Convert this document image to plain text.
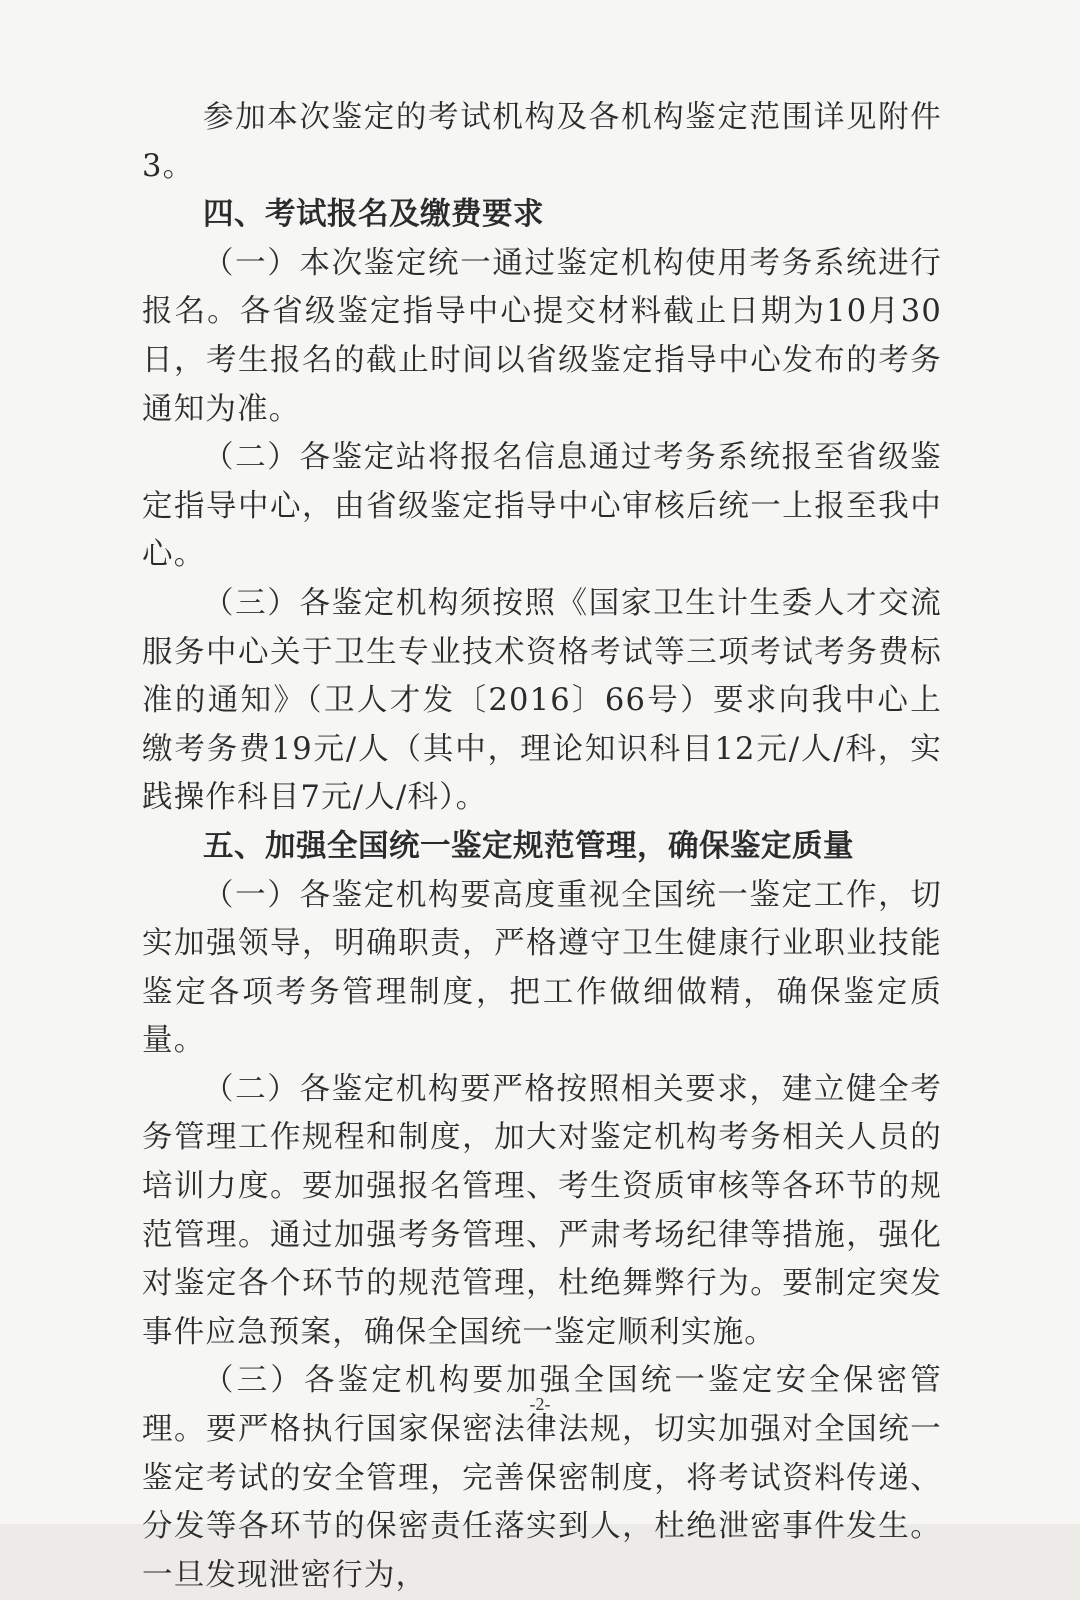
参加本次鉴定的考试机构及各机构鉴定范围详见附件3。

四、考试报名及缴费要求

（一）本次鉴定统一通过鉴定机构使用考务系统进行报名。各省级鉴定指导中心提交材料截止日期为10月30日，考生报名的截止时间以省级鉴定指导中心发布的考务通知为准。

（二）各鉴定站将报名信息通过考务系统报至省级鉴定指导中心，由省级鉴定指导中心审核后统一上报至我中心。

（三）各鉴定机构须按照《国家卫生计生委人才交流服务中心关于卫生专业技术资格考试等三项考试考务费标准的通知》（卫人才发〔2016〕66号）要求向我中心上缴考务费19元/人（其中，理论知识科目12元/人/科，实践操作科目7元/人/科）。

五、加强全国统一鉴定规范管理，确保鉴定质量

（一）各鉴定机构要高度重视全国统一鉴定工作，切实加强领导，明确职责，严格遵守卫生健康行业职业技能鉴定各项考务管理制度，把工作做细做精，确保鉴定质量。

（二）各鉴定机构要严格按照相关要求，建立健全考务管理工作规程和制度，加大对鉴定机构考务相关人员的培训力度。要加强报名管理、考生资质审核等各环节的规范管理。通过加强考务管理、严肃考场纪律等措施，强化对鉴定各个环节的规范管理，杜绝舞弊行为。要制定突发事件应急预案，确保全国统一鉴定顺利实施。

（三）各鉴定机构要加强全国统一鉴定安全保密管理。要严格执行国家保密法律法规，切实加强对全国统一鉴定考试的安全管理，完善保密制度，将考试资料传递、分发等各环节的保密责任落实到人，杜绝泄密事件发生。一旦发现泄密行为，

-2-
